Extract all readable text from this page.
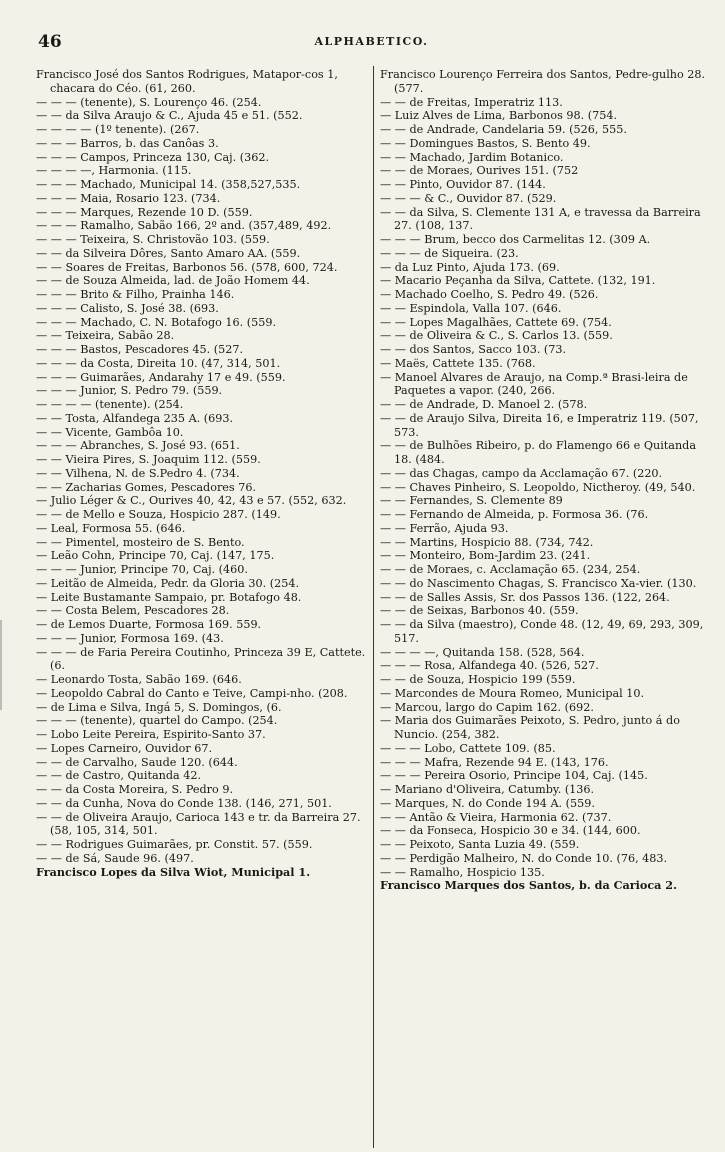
46	ALPHABETICO.
Francisco José dos Santos Rodrigues, Matapor-cos 1, chacara do Céo. (61, 260.
— — — (tenente), S. Lourenço 46. (254.
— — da Silva Araujo & C., Ajuda 45 e 51. (552.
— — — — (1º tenente). (267.
— — — Barros, b. das Canôas 3.
— — — Campos, Princeza 130, Caj. (362.
— — — —, Harmonia. (115.
— — — Machado, Municipal 14. (358,527,535.
— — — Maia, Rosario 123. (734.
— — — Marques, Rezende 10 D. (559.
— — — Ramalho, Sabão 166, 2º and. (357,489, 492.
— — — Teixeira, S. Christovão 103. (559.
— — da Silveira Dôres, Santo Amaro AA. (559.
— — Soares de Freitas, Barbonos 56. (578, 600, 724.
— — de Souza Almeida, lad. de João Homem 44.
— — — Brito & Filho, Prainha 146.
— — — Calisto, S. José 38. (693.
— — — Machado, C. N. Botafogo 16. (559.
— — Teixeira, Sabão 28.
— — — Bastos, Pescadores 45. (527.
— — — da Costa, Direita 10. (47, 314, 501.
— — — Guimarães, Andarahy 17 e 49. (559.
— — — Junior, S. Pedro 79. (559.
— — — — (tenente). (254.
— — Tosta, Alfandega 235 A. (693.
— — Vicente, Gambôa 10.
— — — Abranches, S. José 93. (651.
— — Vieira Pires, S. Joaquim 112. (559.
— — Vilhena, N. de S.Pedro 4. (734.
— — Zacharias Gomes, Pescadores 76.
— Julio Léger & C., Ourives 40, 42, 43 e 57. (552, 632.
— — de Mello e Souza, Hospicio 287. (149.
— Leal, Formosa 55. (646.
— — Pimentel, mosteiro de S. Bento.
— Leão Cohn, Principe 70, Caj. (147, 175.
— — — Junior, Principe 70, Caj. (460.
— Leitão de Almeida, Pedr. da Gloria 30. (254.
— Leite Bustamante Sampaio, pr. Botafogo 48.
— — Costa Belem, Pescadores 28.
— de Lemos Duarte, Formosa 169. 559.
— — — Junior, Formosa 169. (43.
— — — de Faria Pereira Coutinho, Princeza 39 E, Cattete. (6.
— Leonardo Tosta, Sabão 169. (646.
— Leopoldo Cabral do Canto e Teive, Campi-nho. (208.
— de Lima e Silva, Ingá 5, S. Domingos, (6.
— — — (tenente), quartel do Campo. (254.
— Lobo Leite Pereira, Espirito-Santo 37.
— Lopes Carneiro, Ouvidor 67.
— — de Carvalho, Saude 120. (644.
— — de Castro, Quitanda 42.
— — da Costa Moreira, S. Pedro 9.
— — da Cunha, Nova do Conde 138. (146, 271, 501.
— — de Oliveira Araujo, Carioca 143 e tr. da Barreira 27. (58, 105, 314, 501.
— — Rodrigues Guimarães, pr. Constit. 57. (559.
— — de Sá, Saude 96. (497.
Francisco Lopes da Silva Wiot, Municipal 1.
Francisco Lourenço Ferreira dos Santos, Pedre-gulho 28. (577.
— — de Freitas, Imperatriz 113.
— Luiz Alves de Lima, Barbonos 98. (754.
— — de Andrade, Candelaria 59. (526, 555.
— — Domingues Bastos, S. Bento 49.
— — Machado, Jardim Botanico.
— — de Moraes, Ourives 151. (752
— — Pinto, Ouvidor 87. (144.
— — — & C., Ouvidor 87. (529.
— — da Silva, S. Clemente 131 A, e travessa da Barreira 27. (108, 137.
— — — Brum, becco dos Carmelitas 12. (309 A.
— — — de Siqueira. (23.
— da Luz Pinto, Ajuda 173. (69.
— Macario Peçanha da Silva, Cattete. (132, 191.
— Machado Coelho, S. Pedro 49. (526.
— — Espindola, Valla 107. (646.
— — Lopes Magalhães, Cattete 69. (754.
— — de Oliveira & C., S. Carlos 13. (559.
— — dos Santos, Sacco 103. (73.
— Maës, Cattete 135. (768.
— Manoel Alvares de Araujo, na Comp.ª Brasi-leira de Paquetes a vapor. (240, 266.
— — de Andrade, D. Manoel 2. (578.
— — de Araujo Silva, Direita 16, e Imperatriz 119. (507, 573.
— — de Bulhões Ribeiro, p. do Flamengo 66 e Quitanda 18. (484.
— — das Chagas, campo da Acclamação 67. (220.
— — Chaves Pinheiro, S. Leopoldo, Nictheroy. (49, 540.
— — Fernandes, S. Clemente 89
— — Fernando de Almeida, p. Formosa 36. (76.
— — Ferrão, Ajuda 93.
— — Martins, Hospicio 88. (734, 742.
— — Monteiro, Bom-Jardim 23. (241.
— — de Moraes, c. Acclamação 65. (234, 254.
— — do Nascimento Chagas, S. Francisco Xa-vier. (130.
— — de Salles Assis, Sr. dos Passos 136. (122, 264.
— — de Seixas, Barbonos 40. (559.
— — da Silva (maestro), Conde 48. (12, 49, 69, 293, 309, 517.
— — — —, Quitanda 158. (528, 564.
— — — Rosa, Alfandega 40. (526, 527.
— — de Souza, Hospicio 199 (559.
— Marcondes de Moura Romeo, Municipal 10.
— Marcou, largo do Capim 162. (692.
— Maria dos Guimarães Peixoto, S. Pedro, junto á do Nuncio. (254, 382.
— — — Lobo, Cattete 109. (85.
— — — Mafra, Rezende 94 E. (143, 176.
— — — Pereira Osorio, Principe 104, Caj. (145.
— Mariano d'Oliveira, Catumby. (136.
— Marques, N. do Conde 194 A. (559.
— — Antão & Vieira, Harmonia 62. (737.
— — da Fonseca, Hospicio 30 e 34. (144, 600.
— — Peixoto, Santa Luzia 49. (559.
— — Perdigão Malheiro, N. do Conde 10. (76, 483.
— — Ramalho, Hospicio 135.
Francisco Marques dos Santos, b. da Carioca 2.
